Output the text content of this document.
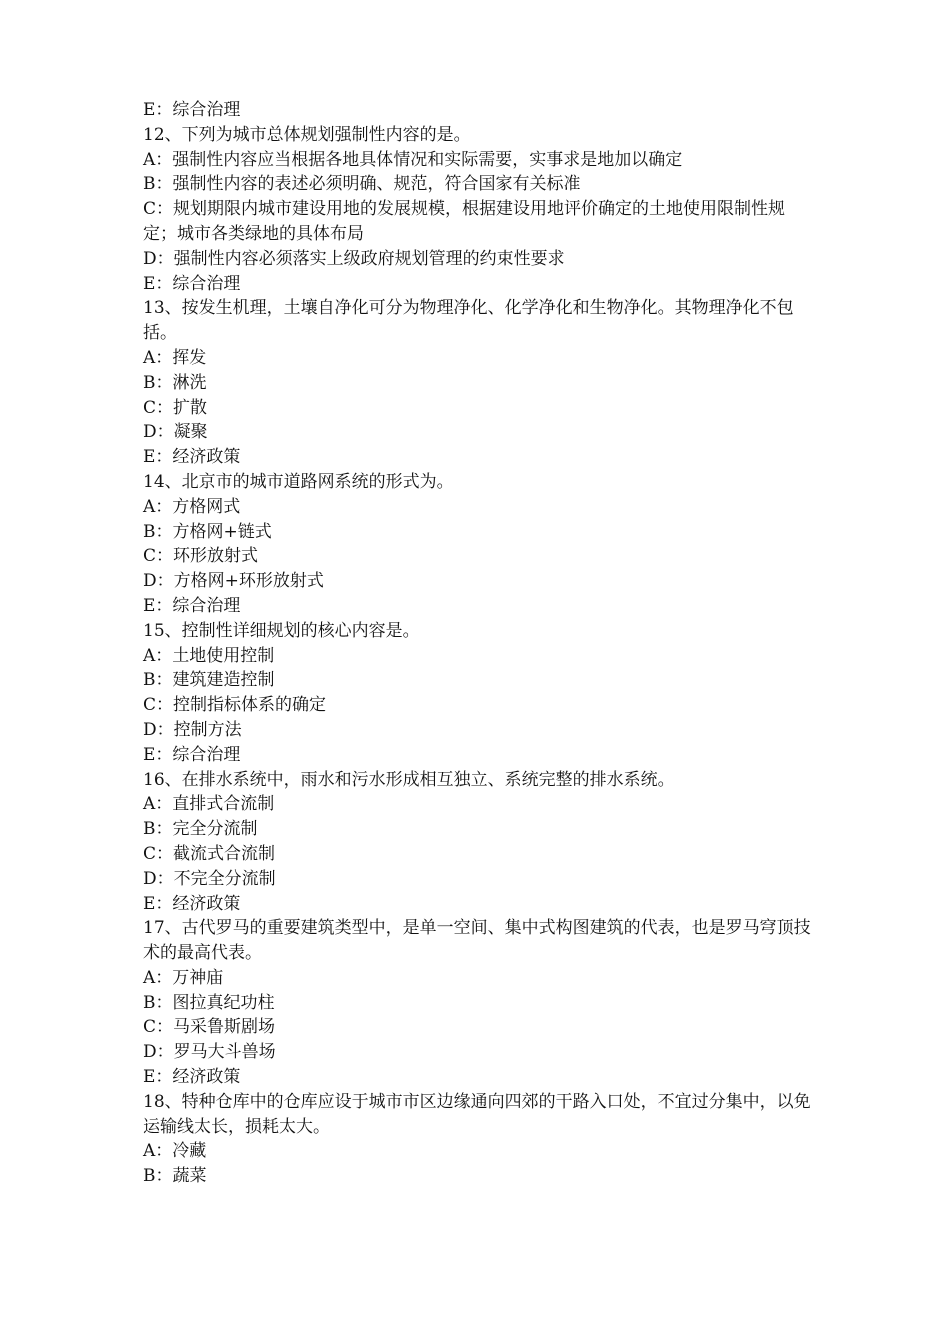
E：综合治理

12、下列为城市总体规划强制性内容的是。

A：强制性内容应当根据各地具体情况和实际需要，实事求是地加以确定

B：强制性内容的表述必须明确、规范，符合国家有关标准

C：规划期限内城市建设用地的发展规模，根据建设用地评价确定的土地使用限制性规定；城市各类绿地的具体布局

D：强制性内容必须落实上级政府规划管理的约束性要求

E：综合治理

13、按发生机理，土壤自净化可分为物理净化、化学净化和生物净化。其物理净化不包括。

A：挥发

B：淋洗

C：扩散

D：凝聚

E：经济政策

14、北京市的城市道路网系统的形式为。

A：方格网式

B：方格网+链式

C：环形放射式

D：方格网+环形放射式

E：综合治理

15、控制性详细规划的核心内容是。

A：土地使用控制

B：建筑建造控制

C：控制指标体系的确定

D：控制方法

E：综合治理

16、在排水系统中，雨水和污水形成相互独立、系统完整的排水系统。

A：直排式合流制

B：完全分流制

C：截流式合流制

D：不完全分流制

E：经济政策

17、古代罗马的重要建筑类型中，是单一空间、集中式构图建筑的代表，也是罗马穹顶技术的最高代表。

A：万神庙

B：图拉真纪功柱

C：马采鲁斯剧场

D：罗马大斗兽场

E：经济政策

18、特种仓库中的仓库应设于城市市区边缘通向四郊的干路入口处，不宜过分集中，以免运输线太长，损耗太大。

A：冷藏

B：蔬菜
